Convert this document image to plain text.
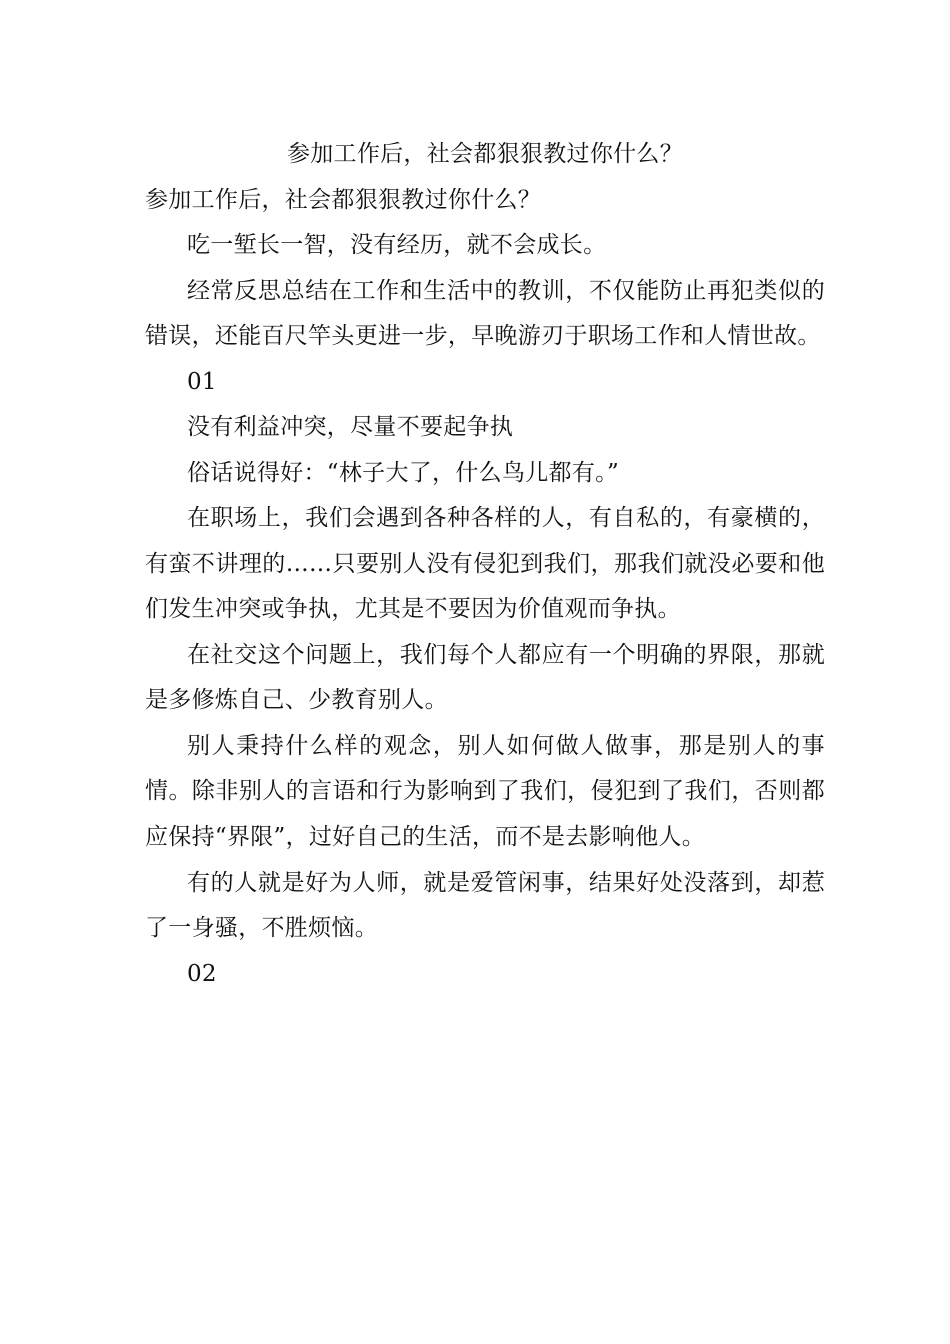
参加工作后，社会都狠狠教过你什么？

参加工作后，社会都狠狠教过你什么？

吃一堑长一智，没有经历，就不会成长。

经常反思总结在工作和生活中的教训，不仅能防止再犯类似的错误，还能百尺竿头更进一步，早晚游刃于职场工作和人情世故。

01

没有利益冲突，尽量不要起争执

俗话说得好：“林子大了，什么鸟儿都有。”

在职场上，我们会遇到各种各样的人，有自私的，有豪横的，有蛮不讲理的……只要别人没有侵犯到我们，那我们就没必要和他们发生冲突或争执，尤其是不要因为价值观而争执。

在社交这个问题上，我们每个人都应有一个明确的界限，那就是多修炼自己、少教育别人。

别人秉持什么样的观念，别人如何做人做事，那是别人的事情。除非别人的言语和行为影响到了我们，侵犯到了我们，否则都应保持“界限”，过好自己的生活，而不是去影响他人。

有的人就是好为人师，就是爱管闲事，结果好处没落到，却惹了一身骚，不胜烦恼。

02
